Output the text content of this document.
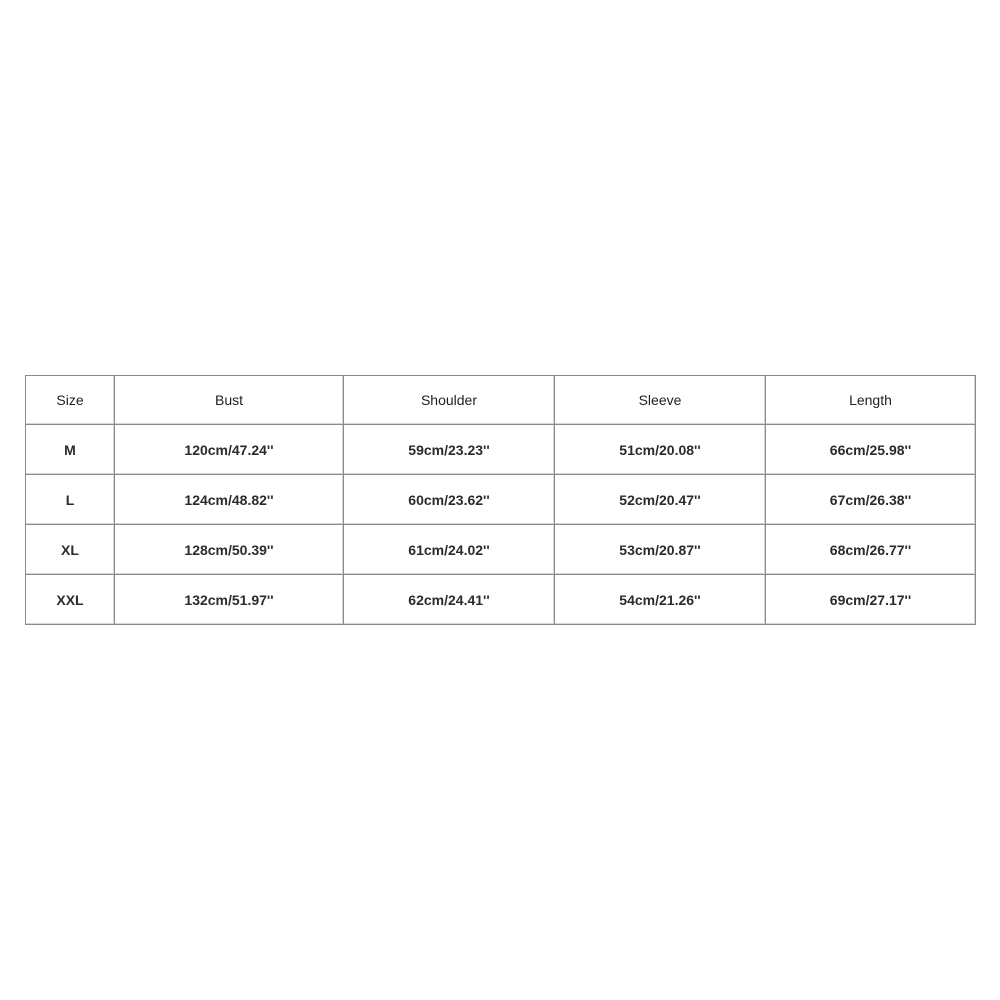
Size	Bust	Shoulder	Sleeve	Length
M	120cm/47.24''	59cm/23.23''	51cm/20.08''	66cm/25.98''
L	124cm/48.82''	60cm/23.62''	52cm/20.47''	67cm/26.38''
XL	128cm/50.39''	61cm/24.02''	53cm/20.87''	68cm/26.77''
XXL	132cm/51.97''	62cm/24.41''	54cm/21.26''	69cm/27.17''
